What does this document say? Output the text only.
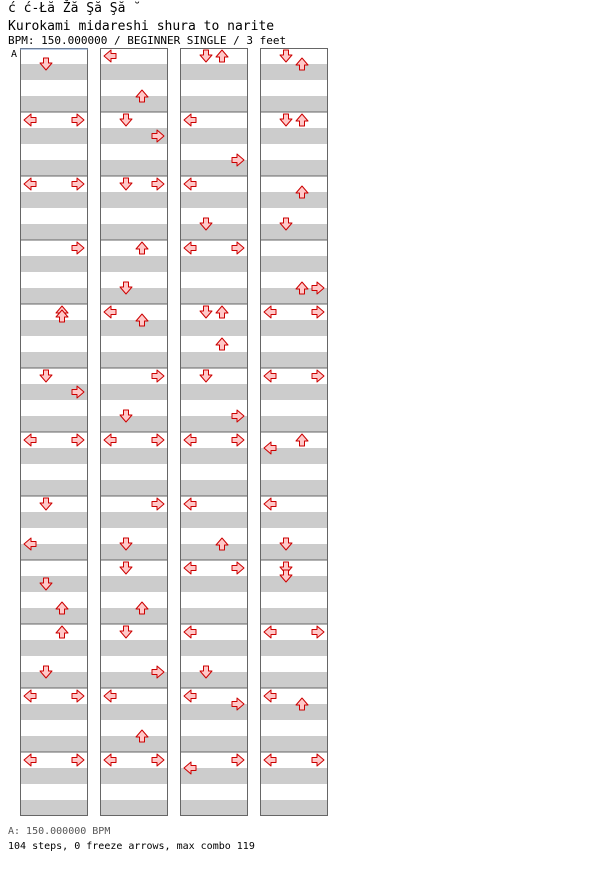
ć ć-Łă Žă Şă Şă ˘
Kurokami midareshi shura to narite
BPM: 150.000000 / BEGINNER SINGLE / 3 feet
A
A: 150.000000 BPM
104 steps, 0 freeze arrows, max combo 119
